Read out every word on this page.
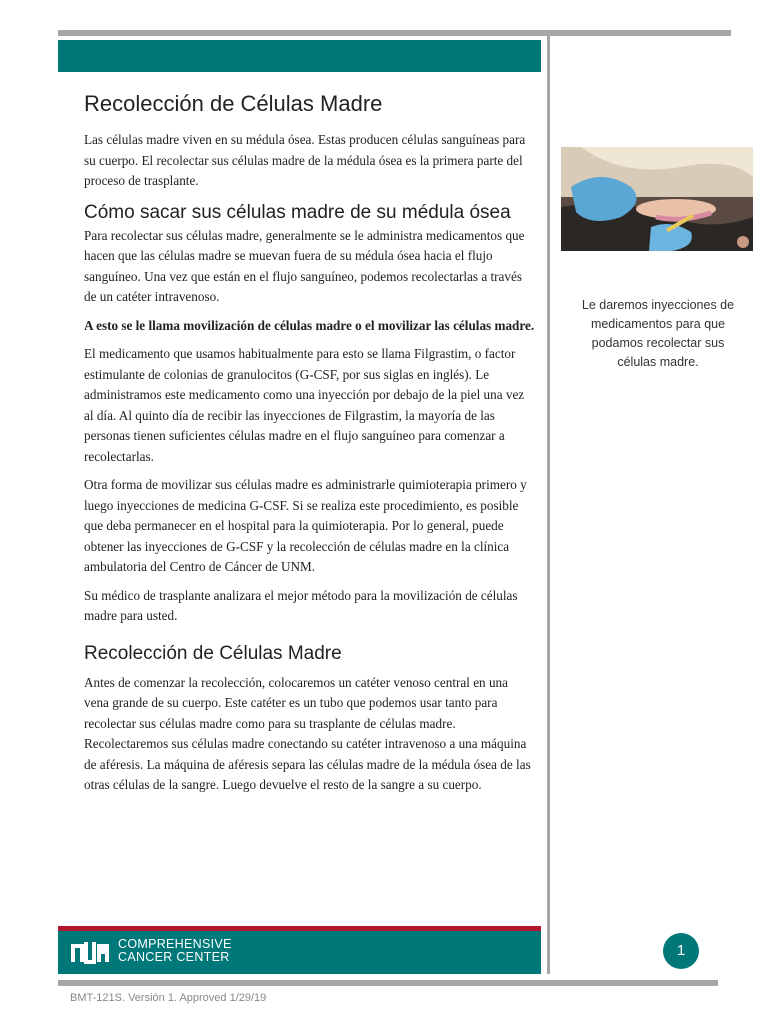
Recolección de Células Madre

Las células madre viven en su médula ósea. Estas producen células sanguíneas para su cuerpo. El recolectar sus células madre de la médula ósea es la primera parte del proceso de trasplante.

Cómo sacar sus células madre de su médula ósea

Para recolectar sus células madre, generalmente se le administra medicamentos que hacen que las células madre se muevan fuera de su médula ósea hacia el flujo sanguíneo. Una vez que están en el flujo sanguíneo, podemos recolectarlas a través de un catéter intravenoso.

A esto se le llama movilización de células madre o el movilizar las células madre.

El medicamento que usamos habitualmente para esto se llama Filgrastim, o factor estimulante de colonias de granulocitos (G-CSF, por sus siglas en inglés). Le administramos este medicamento como una inyección por debajo de la piel una vez al día. Al quinto día de recibir las inyecciones de Filgrastim, la mayoría de las personas tienen suficientes células madre en el flujo sanguíneo para comenzar a recolectarlas.

Otra forma de movilizar sus células madre es administrarle quimioterapia primero y luego inyecciones de medicina G-CSF. Si se realiza este procedimiento, es posible que deba permanecer en el hospital para la quimioterapia. Por lo general, puede obtener las inyecciones de G-CSF y la recolección de células madre en la clínica ambulatoria del Centro de Cáncer de UNM.

Su médico de trasplante analizara el mejor método para la movilización de células madre para usted.

Recolección de Células Madre

Antes de comenzar la recolección, colocaremos un catéter venoso central en una vena grande de su cuerpo. Este catéter es un tubo que podemos usar tanto para recolectar sus células madre como para su trasplante de células madre. Recolectaremos sus células madre conectando su catéter intravenoso a una máquina de aféresis. La máquina de aféresis separa las células madre de la médula ósea de las otras células de la sangre. Luego devuelve el resto de la sangre a su cuerpo.

Le daremos inyecciones de medicamentos para que podamos recolectar sus células madre.
COMPREHENSIVE
CANCER CENTER	1
BMT-121S. Versión 1. Approved 1/29/19
